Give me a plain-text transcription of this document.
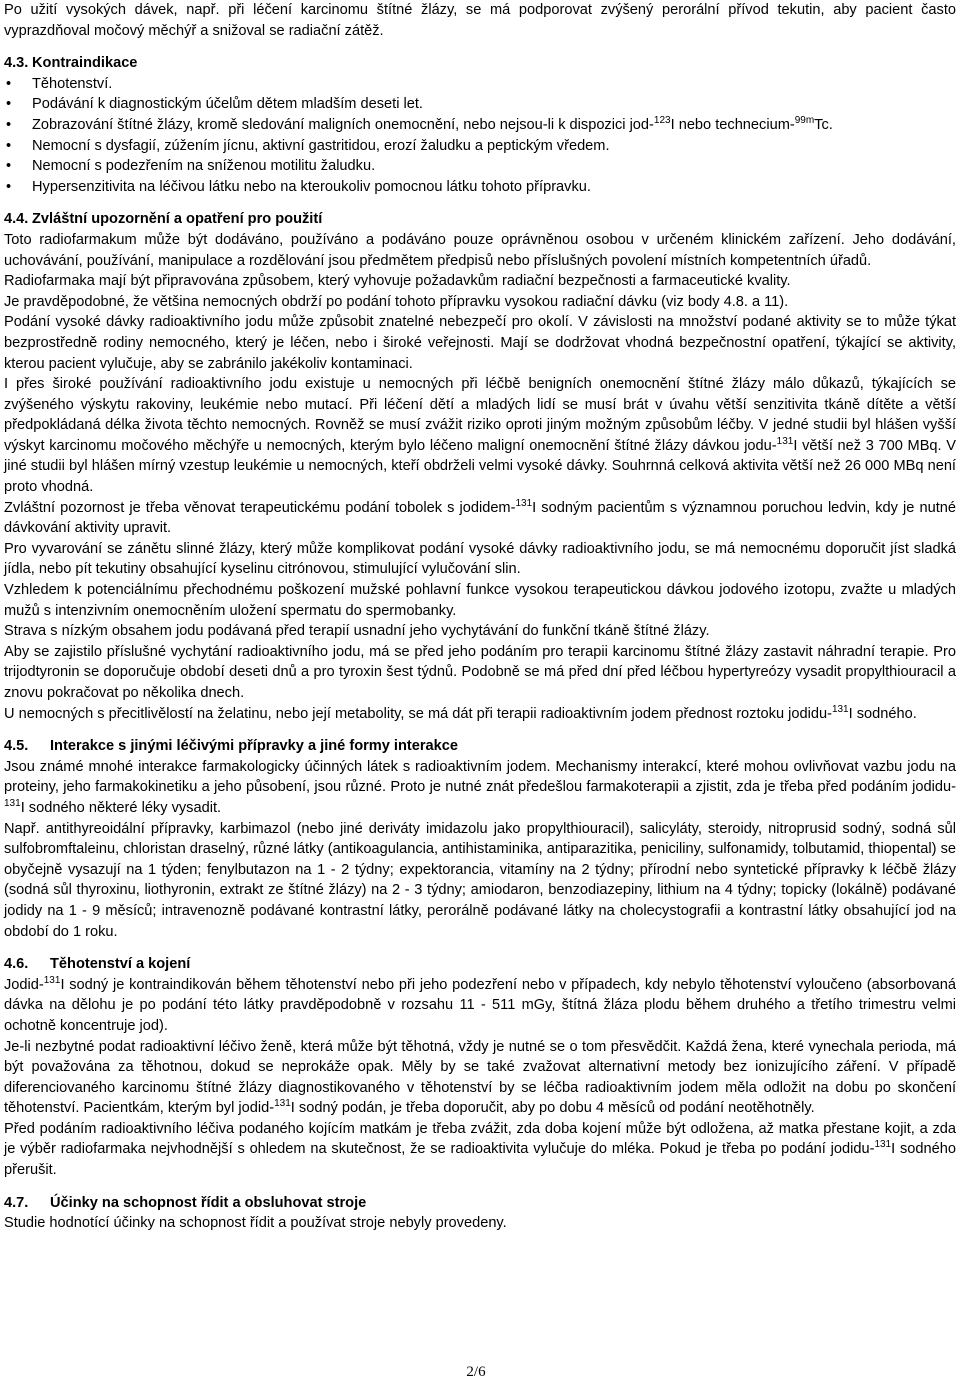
Po užití vysokých dávek, např. při léčení karcinomu štítné žlázy, se má podporovat zvýšený perorální přívod tekutin, aby pacient často vyprazdňoval močový měchýř a snižoval se radiační zátěž.

4.3. Kontraindikace
• Těhotenství.
• Podávání k diagnostickým účelům dětem mladším deseti let.
• Zobrazování štítné žlázy, kromě sledování maligních onemocnění, nebo nejsou-li k dispozici jod-$^{123}$I nebo technecium-$^{99m}$Tc.
• Nemocní s dysfagií, zúžením jícnu, aktivní gastritidou, erozí žaludku a peptickým vředem.
• Nemocní s podezřením na sníženou motilitu žaludku.
• Hypersenzitivita na léčivou látku nebo na kteroukoliv pomocnou látku tohoto přípravku.
4.4. Zvláštní upozornění a opatření pro použití

Toto radiofarmakum může být dodáváno, používáno a podáváno pouze oprávněnou osobou v určeném klinickém zařízení. Jeho dodávání, uchovávání, používání, manipulace a rozdělování jsou předmětem předpisů nebo příslušných povolení místních kompetentních úřadů.

Radiofarmaka mají být připravována způsobem, který vyhovuje požadavkům radiační bezpečnosti a farmaceutické kvality.

Je pravděpodobné, že většina nemocných obdrží po podání tohoto přípravku vysokou radiační dávku (viz body 4.8. a 11).

Podání vysoké dávky radioaktivního jodu může způsobit znatelné nebezpečí pro okolí. V závislosti na množství podané aktivity se to může týkat bezprostředně rodiny nemocného, který je léčen, nebo i široké veřejnosti. Mají se dodržovat vhodná bezpečnostní opatření, týkající se aktivity, kterou pacient vylučuje, aby se zabránilo jakékoliv kontaminaci.

I přes široké používání radioaktivního jodu existuje u nemocných při léčbě benigních onemocnění štítné žlázy málo důkazů, týkajících se zvýšeného výskytu rakoviny, leukémie nebo mutací. Při léčení dětí a mladých lidí se musí brát v úvahu větší senzitivita tkáně dítěte a větší předpokládaná délka života těchto nemocných. Rovněž se musí zvážit riziko oproti jiným možným způsobům léčby. V jedné studii byl hlášen vyšší výskyt karcinomu močového měchýře u nemocných, kterým bylo léčeno maligní onemocnění štítné žlázy dávkou jodu-$^{131}$I větší než 3 700 MBq. V jiné studii byl hlášen mírný vzestup leukémie u nemocných, kteří obdrželi velmi vysoké dávky. Souhrnná celková aktivita větší než 26 000 MBq není proto vhodná.

Zvláštní pozornost je třeba věnovat terapeutickému podání tobolek s jodidem-$^{131}$I sodným pacientům s významnou poruchou ledvin, kdy je nutné dávkování aktivity upravit.

Pro vyvarování se zánětu slinné žlázy, který může komplikovat podání vysoké dávky radioaktivního jodu, se má nemocnému doporučit jíst sladká jídla, nebo pít tekutiny obsahující kyselinu citrónovou, stimulující vylučování slin.

Vzhledem k potenciálnímu přechodnému poškození mužské pohlavní funkce vysokou terapeutickou dávkou jodového izotopu, zvažte u mladých mužů s intenzivním onemocněním uložení spermatu do spermobanky.

Strava s nízkým obsahem jodu podávaná před terapií usnadní jeho vychytávání do funkční tkáně štítné žlázy.

Aby se zajistilo příslušné vychytání radioaktivního jodu, má se před jeho podáním pro terapii karcinomu štítné žlázy zastavit náhradní terapie. Pro trijodtyronin se doporučuje období deseti dnů a pro tyroxin šest týdnů. Podobně se má před dní před léčbou hypertyreózy vysadit propylthiouracil a znovu pokračovat po několika dnech.

U nemocných s přecitlivělostí na želatinu, nebo její metabolity, se má dát při terapii radioaktivním jodem přednost roztoku jodidu-$^{131}$I sodného.

4.5. Interakce s jinými léčivými přípravky a jiné formy interakce

Jsou známé mnohé interakce farmakologicky účinných látek s radioaktivním jodem. Mechanismy interakcí, které mohou ovlivňovat vazbu jodu na proteiny, jeho farmakokinetiku a jeho působení, jsou různé. Proto je nutné znát předešlou farmakoterapii a zjistit, zda je třeba před podáním jodidu-$^{131}$I sodného některé léky vysadit.

Např. antithyreoidální přípravky, karbimazol (nebo jiné deriváty imidazolu jako propylthiouracil), salicyláty, steroidy, nitroprusid sodný, sodná sůl sulfobromftaleinu, chloristan draselný, různé látky (antikoagulancia, antihistaminika, antiparazitika, peniciliny, sulfonamidy, tolbutamid, thiopental) se obyčejně vysazují na 1 týden; fenylbutazon na 1 - 2 týdny; expektorancia, vitamíny na 2 týdny; přírodní nebo syntetické přípravky k léčbě žlázy (sodná sůl thyroxinu, liothyronin, extrakt ze štítné žlázy) na 2 - 3 týdny; amiodaron, benzodiazepiny, lithium na 4 týdny; topicky (lokálně) podávané jodidy na 1 - 9 měsíců; intravenozně podávané kontrastní látky, perorálně podávané látky na cholecystografii a kontrastní látky obsahující jod na období do 1 roku.

4.6. Těhotenství a kojení

Jodid-$^{131}$I sodný je kontraindikován během těhotenství nebo při jeho podezření nebo v případech, kdy nebylo těhotenství vyloučeno (absorbovaná dávka na dělohu je po podání této látky pravděpodobně v rozsahu 11 - 511 mGy, štítná žláza plodu během druhého a třetího trimestru velmi ochotně koncentruje jod).

Je-li nezbytné podat radioaktivní léčivo ženě, která může být těhotná, vždy je nutné se o tom přesvědčit. Každá žena, které vynechala perioda, má být považována za těhotnou, dokud se neprokáže opak. Měly by se také zvažovat alternativní metody bez ionizujícího záření. V případě diferenciovaného karcinomu štítné žlázy diagnostikovaného v těhotenství by se léčba radioaktivním jodem měla odložit na dobu po skončení těhotenství. Pacientkám, kterým byl jodid-$^{131}$I sodný podán, je třeba doporučit, aby po dobu 4 měsíců od podání neotěhotněly.

Před podáním radioaktivního léčiva podaného kojícím matkám je třeba zvážit, zda doba kojení může být odložena, až matka přestane kojit, a zda je výběr radiofarmaka nejvhodnější s ohledem na skutečnost, že se radioaktivita vylučuje do mléka. Pokud je třeba po podání jodidu-$^{131}$I sodného přerušit.

4.7. Účinky na schopnost řídit a obsluhovat stroje

Studie hodnotící účinky na schopnost řídit a používat stroje nebyly provedeny.

2/6
